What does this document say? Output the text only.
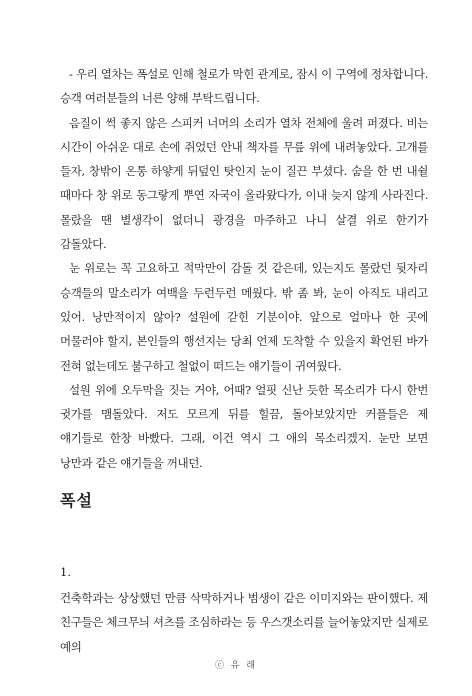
- 우리 열차는 폭설로 인해 철로가 막힌 관계로, 잠시 이 구역에 정차합니다. 승객 여러분들의 너른 양해 부탁드립니다.

음질이 썩 좋지 않은 스피커 너머의 소리가 열차 전체에 울려 퍼졌다. 비는 시간이 아쉬운 대로 손에 쥐었던 안내 책자를 무릎 위에 내려놓았다. 고개를 들자, 창밖이 온통 하얗게 뒤덮인 탓인지 눈이 질끈 부셨다. 숨을 한 번 내쉴 때마다 창 위로 동그랗게 뿌연 자국이 올라왔다가, 이내 늦지 않게 사라진다. 몰랐을 땐 별생각이 없더니 광경을 마주하고 나니 살결 위로 한기가 감돌았다.

눈 위로는 꼭 고요하고 적막만이 감돌 것 같은데, 있는지도 몰랐던 뒷자리 승객들의 말소리가 여백을 두런두런 메웠다. 밖 좀 봐, 눈이 아직도 내리고 있어. 낭만적이지 않아? 설원에 갇힌 기분이야. 앞으로 얼마나 한 곳에 머물러야 할지, 본인들의 행선지는 당최 언제 도착할 수 있을지 확언된 바가 전혀 없는데도 불구하고 철없이 떠드는 얘기들이 귀여웠다.

설원 위에 오두막을 짓는 거야, 어때? 얼핏 신난 듯한 목소리가 다시 한번 귓가를 맴돌았다. 저도 모르게 뒤를 힐끔, 돌아보았지만 커플들은 제 얘기들로 한창 바빴다. 그래, 이건 역시 그 애의 목소리겠지. 눈만 보면 낭만과 같은 얘기들을 꺼내던.

폭설

1.

건축학과는 상상했던 만큼 삭막하거나 범생이 같은 이미지와는 판이했다. 제 친구들은 체크무늬 셔츠를 조심하라는 등 우스갯소리를 늘어놓았지만 실제로 예의

ⓒ 유 래
